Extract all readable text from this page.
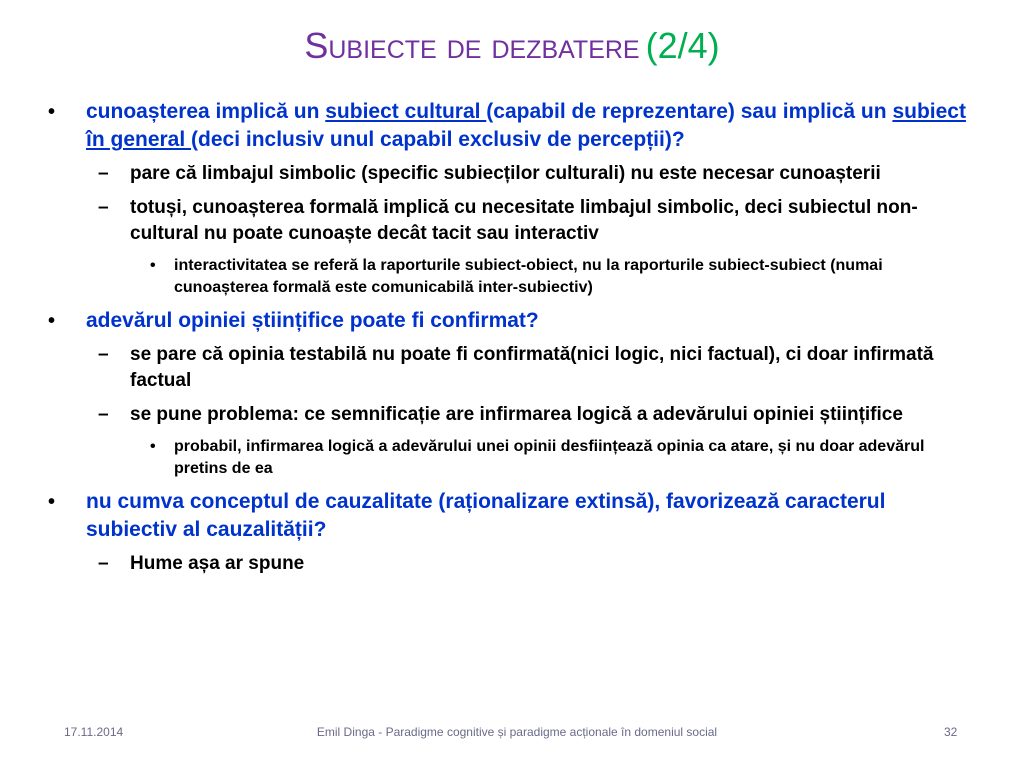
Subiecte de dezbatere (2/4)
• cunoașterea implică un subiect cultural (capabil de reprezentare) sau implică un subiect în general (deci inclusiv unul capabil exclusiv de percepții)?
– pare că limbajul simbolic (specific subiecților culturali) nu este necesar cunoașterii
– totuși, cunoașterea formală implică cu necesitate limbajul simbolic, deci subiectul non-cultural nu poate cunoaște decât tacit sau interactiv
• interactivitatea se referă la raporturile subiect-obiect, nu la raporturile subiect-subiect (numai cunoașterea formală este comunicabilă inter-subiectiv)
• adevărul opiniei științifice poate fi confirmat?
– se pare că opinia testabilă nu poate fi confirmată(nici logic, nici factual), ci doar infirmată factual
– se pune problema: ce semnificație are infirmarea logică a adevărului opiniei științifice
• probabil, infirmarea logică a adevărului unei opinii desființează opinia ca atare, și nu doar adevărul pretins de ea
• nu cumva conceptul de cauzalitate (raționalizare extinsă), favorizează caracterul subiectiv al cauzalității?
– Hume așa ar spune
17.11.2014	Emil Dinga - Paradigme cognitive și paradigme acționale în domeniul social	32
